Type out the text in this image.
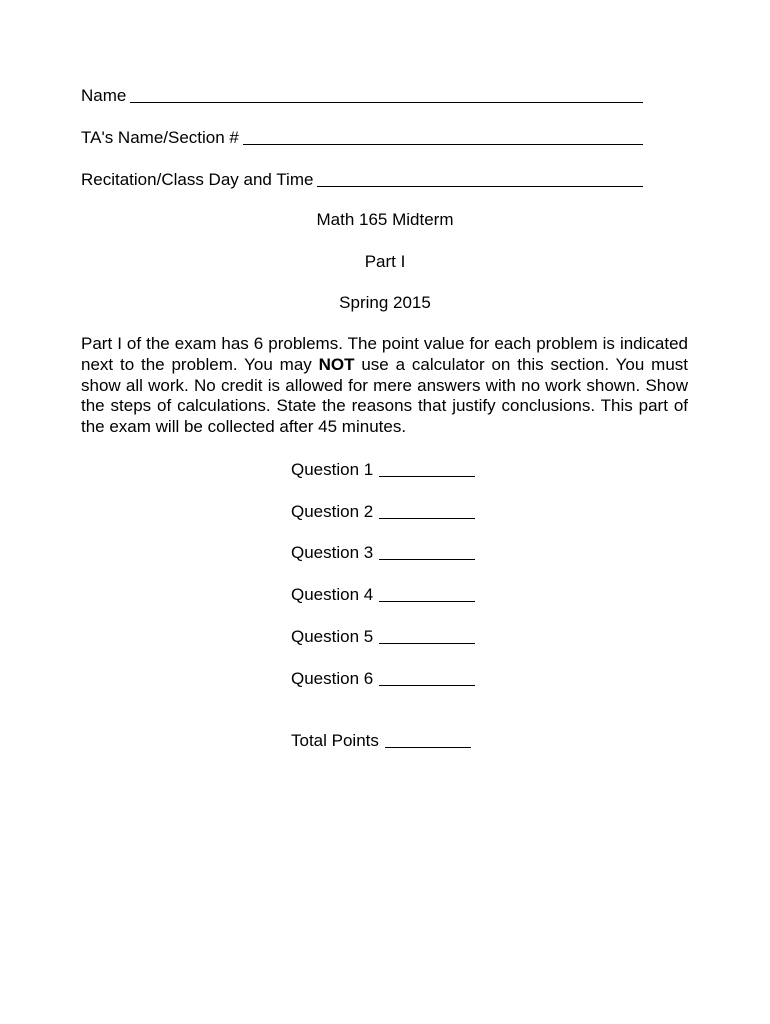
Name
TA's Name/Section #
Recitation/Class Day and Time
Math 165 Midterm
Part I
Spring 2015
Part I of the exam has 6 problems. The point value for each problem is indicated next to the problem. You may NOT use a calculator on this section. You must show all work. No credit is allowed for mere answers with no work shown. Show the steps of calculations. State the reasons that justify conclusions. This part of the exam will be collected after 45 minutes.
Question 1
Question 2
Question 3
Question 4
Question 5
Question 6
Total Points
